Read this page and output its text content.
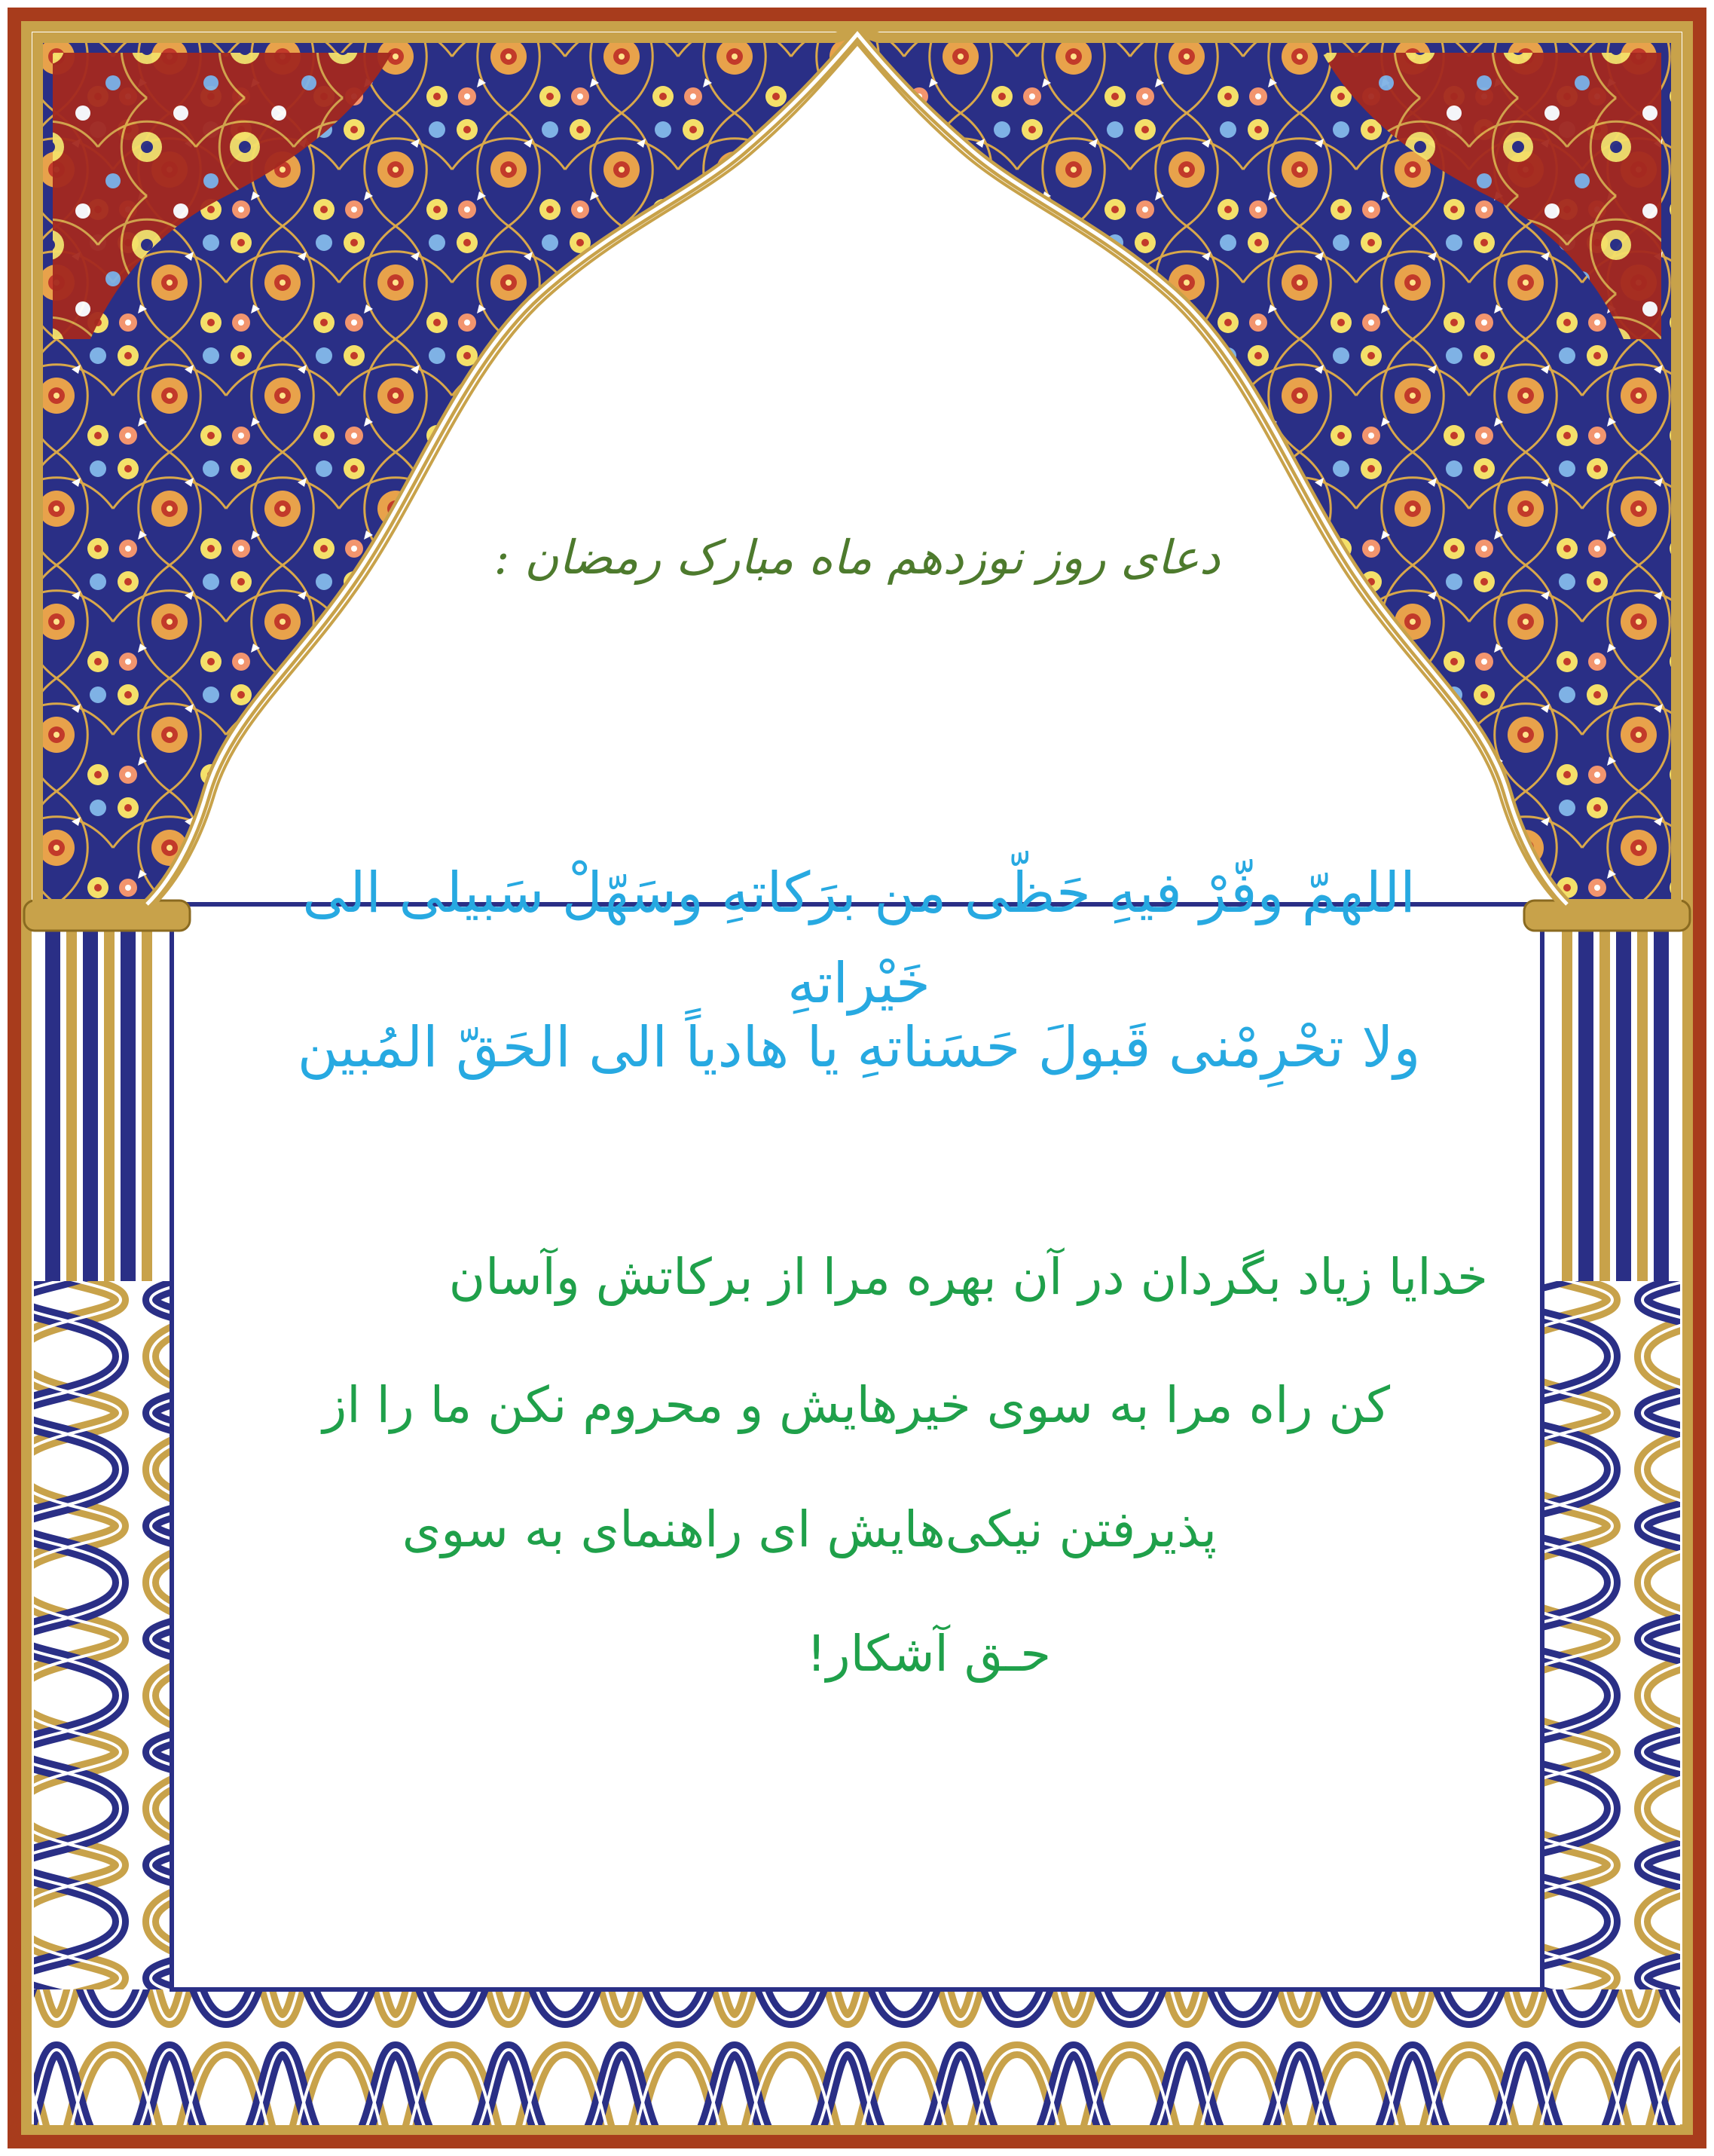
دعای روز نوزدهم ماه مبارک رمضان :
اللهمّ وفّرْ فیهِ حَظّی من برَکاتهِ وسَهّلْ سَبیلی الی خَیْراتهِ
ولا تحْرِمْنی قَبولَ حَسَناتهِ یا هادیاً الی الحَقّ المُبین
خدایا زیاد بگردان در آن بهره مرا از برکاتش وآسان
کن راه مرا به سوی خیرهایش و محروم نکن ما را از
پذیرفتن نیکی‌هایش ای راهنمای به سوی
حـق آشکار!
